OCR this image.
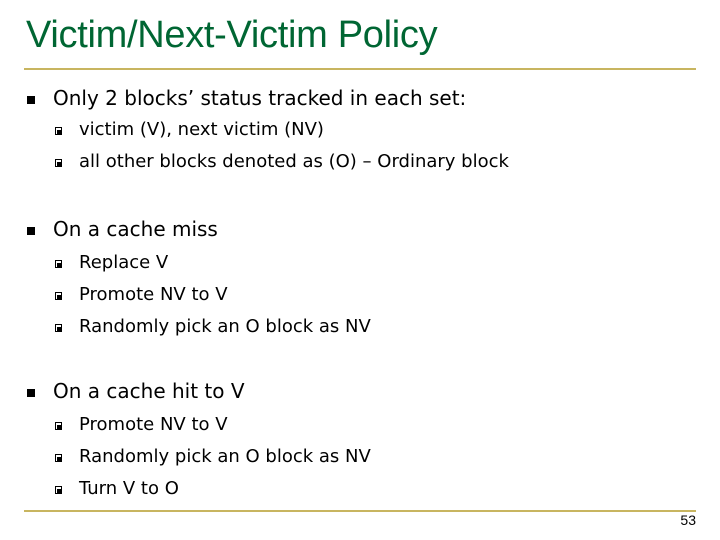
Victim/Next-Victim Policy
Only 2 blocks’ status tracked in each set:
victim (V), next victim (NV)
all other blocks denoted as (O) – Ordinary block
On a cache miss
Replace V
Promote NV to V
Randomly pick an O block as NV
On a cache hit to V
Promote NV to V
Randomly pick an O block as NV
Turn V to O
53
